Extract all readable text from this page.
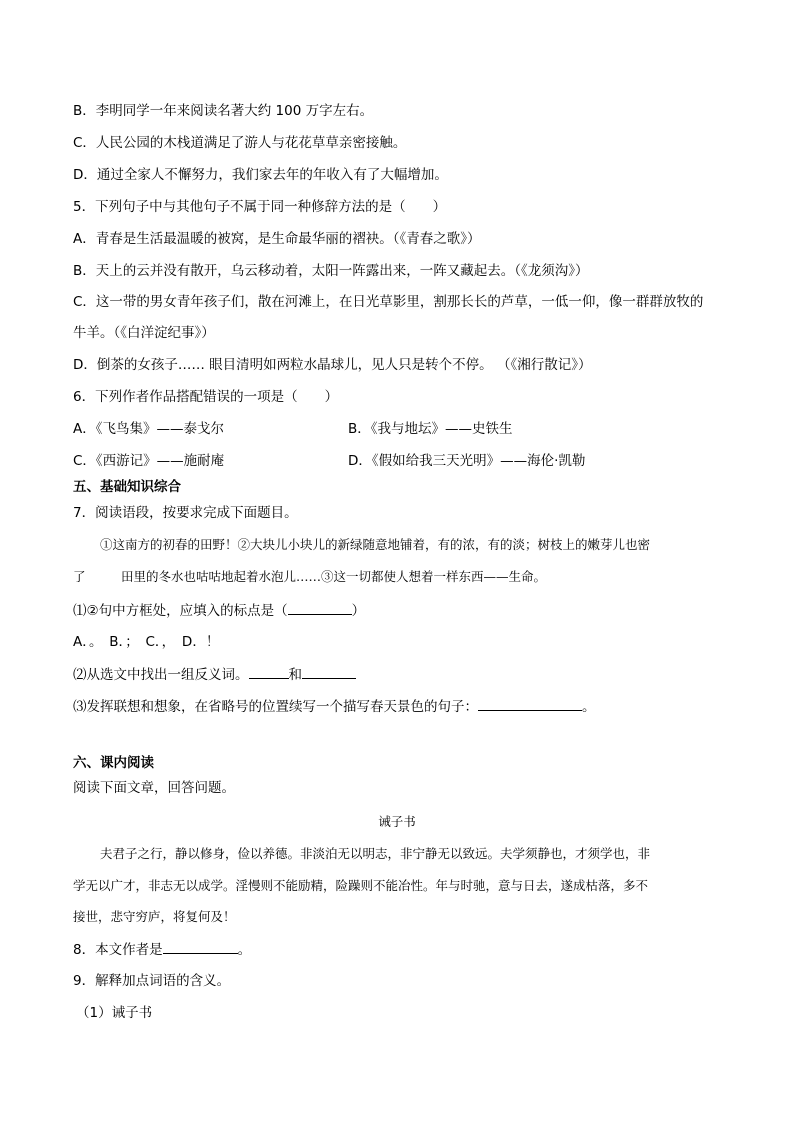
B．李明同学一年来阅读名著大约 100 万字左右。
C．人民公园的木栈道满足了游人与花花草草亲密接触。
D．通过全家人不懈努力，我们家去年的年收入有了大幅增加。
5．下列句子中与其他句子不属于同一种修辞方法的是（　　）
A．青春是生活最温暖的被窝，是生命最华丽的褶袂。（《青春之歌》）
B．天上的云并没有散开，乌云移动着，太阳一阵露出来，一阵又藏起去。（《龙须沟》）
C．这一带的男女青年孩子们，散在河滩上，在日光草影里，割那长长的芦草，一低一仰，像一群群放牧的
牛羊。（《白洋淀纪事》）
D．倒茶的女孩子…… 眼目清明如两粒水晶球儿，见人只是转个不停。 （《湘行散记》）
6．下列作者作品搭配错误的一项是（　　）
A．《飞鸟集》——泰戈尔	B．《我与地坛》——史铁生
C．《西游记》——施耐庵	D．《假如给我三天光明》——海伦·凯勒
五、基础知识综合
7．阅读语段，按要求完成下面题目。
①这南方的初春的田野！②大块儿小块儿的新绿随意地铺着，有的浓，有的淡；树枝上的嫩芽儿也密
了	田里的冬水也咕咕地起着水泡儿……③这一切都使人想着一样东西——生命。
⑴②句中方框处，应填入的标点是（	）
A．。　B．；　C．，　D．！
⑵从选文中找出一组反义词。	和
⑶发挥联想和想象，在省略号的位置续写一个描写春天景色的句子：	。
六、课内阅读
阅读下面文章，回答问题。
诫子书
夫君子之行，静以修身，俭以养德。非淡泊无以明志，非宁静无以致远。夫学须静也，才须学也，非
学无以广才，非志无以成学。淫慢则不能励精，险躁则不能冶性。年与时驰，意与日去，遂成枯落，多不
接世，悲守穷庐，将复何及！
8．本文作者是	。
9．解释加点词语的含义。
（1）诫子书
